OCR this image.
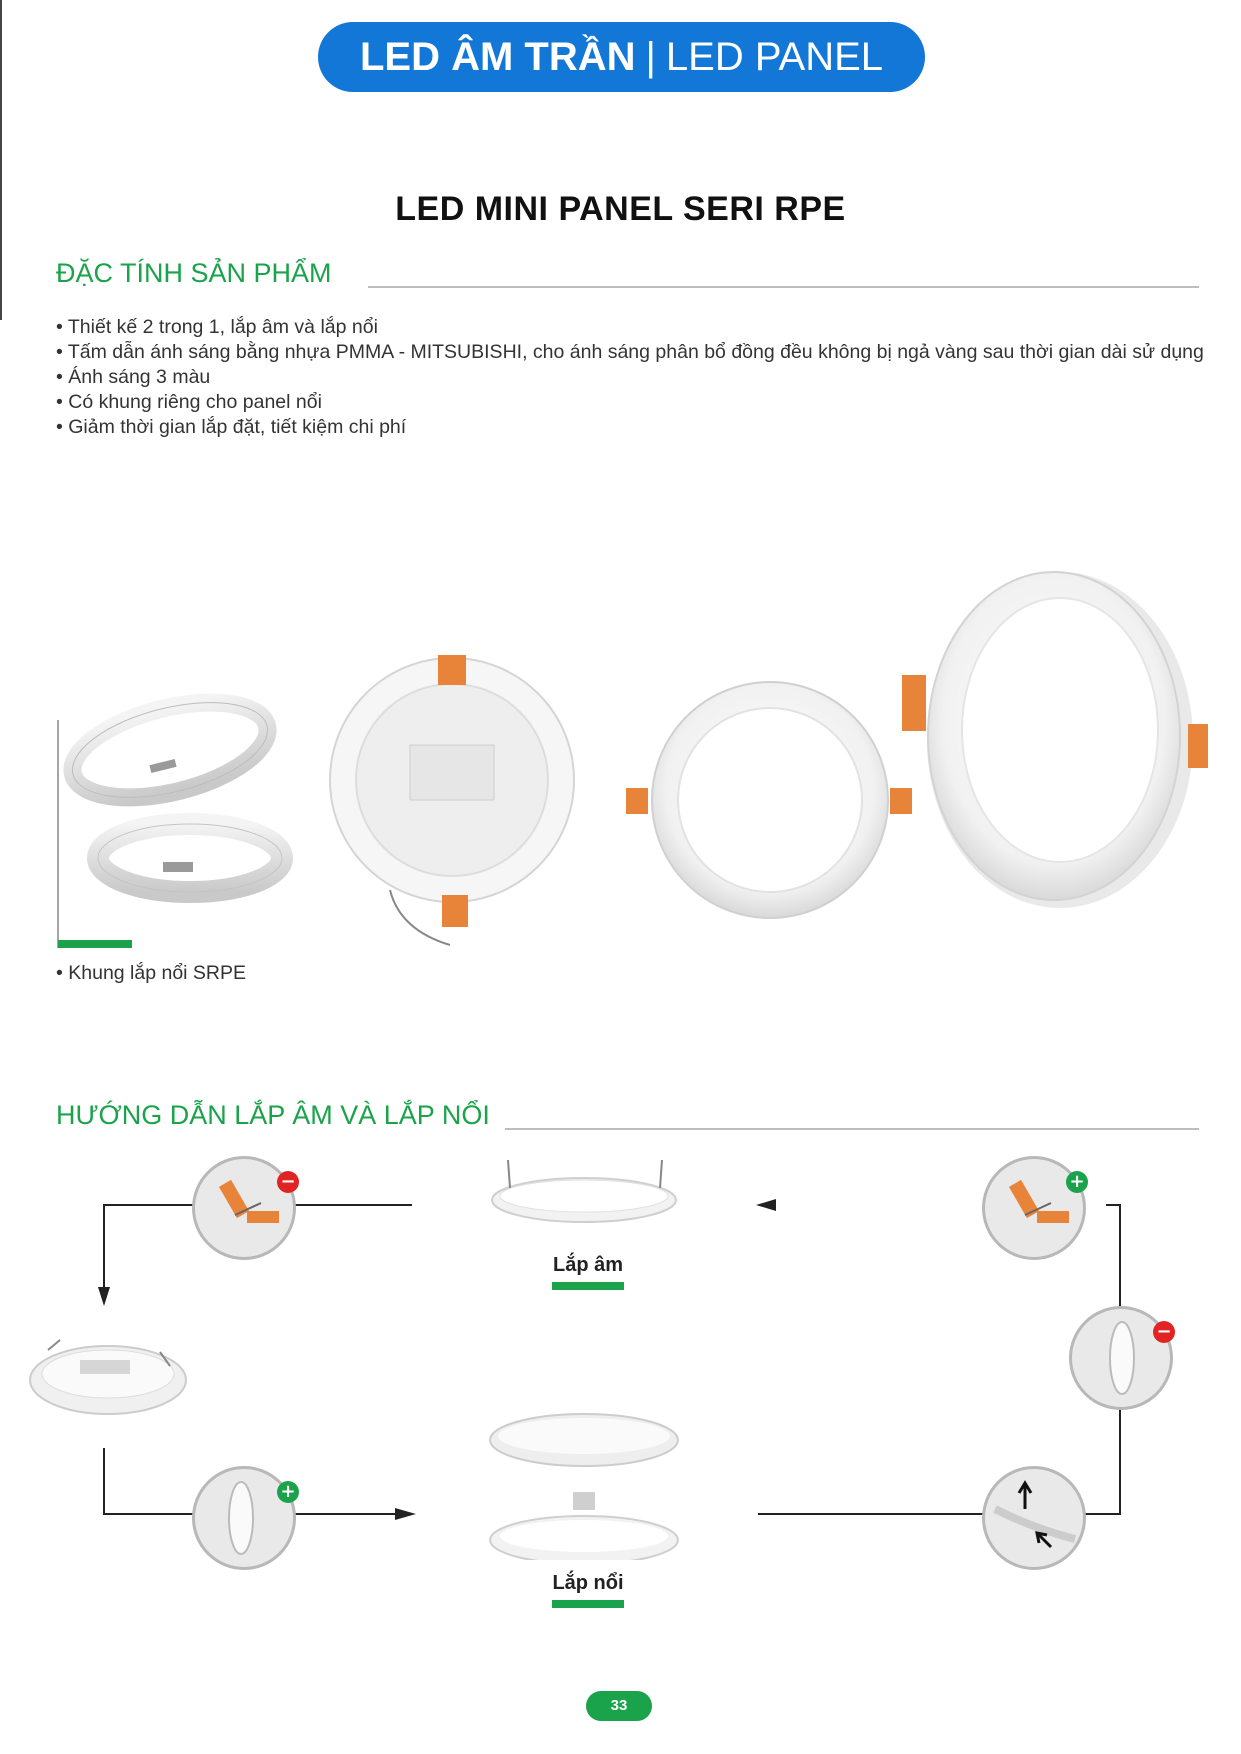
LED ÂM TRẦN | LED PANEL
LED MINI PANEL SERI RPE
ĐẶC TÍNH SẢN PHẨM
• Thiết kế 2 trong 1, lắp âm và lắp nổi
• Tấm dẫn ánh sáng bằng nhựa PMMA - MITSUBISHI, cho ánh sáng phân bổ đồng đều không bị ngả vàng sau thời gian dài sử dụng
• Ánh sáng 3 màu
• Có khung riêng cho panel nổi
• Giảm thời gian lắp đặt, tiết kiệm chi phí
• Khung lắp nổi SRPE
HƯỚNG DẪN LẮP ÂM VÀ LẮP NỔI
−	+
−
+
Lắp âm
Lắp nổi
33
